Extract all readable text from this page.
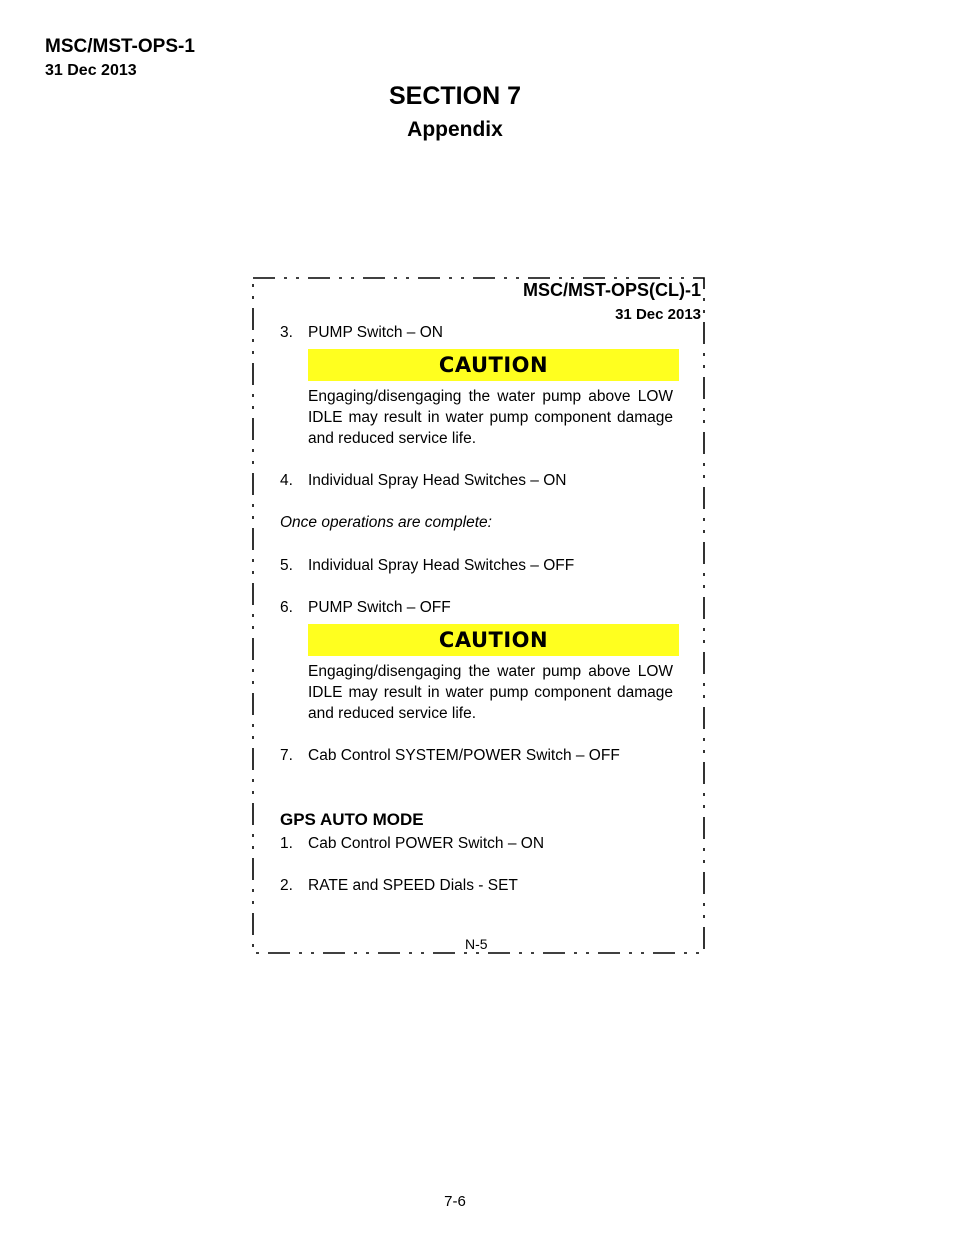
MSC/MST-OPS-1
31 Dec 2013
SECTION 7
Appendix
MSC/MST-OPS(CL)-1
31 Dec 2013
3. PUMP Switch – ON
CAUTION
Engaging/disengaging the water pump above LOW IDLE may result in water pump component damage and reduced service life.
4. Individual Spray Head Switches – ON
Once operations are complete:
5. Individual Spray Head Switches – OFF
6. PUMP Switch – OFF
CAUTION
Engaging/disengaging the water pump above LOW IDLE may result in water pump component damage and reduced service life.
7. Cab Control SYSTEM/POWER Switch – OFF
GPS AUTO MODE
1. Cab Control POWER Switch – ON
2. RATE and SPEED Dials - SET
N-5
7-6
